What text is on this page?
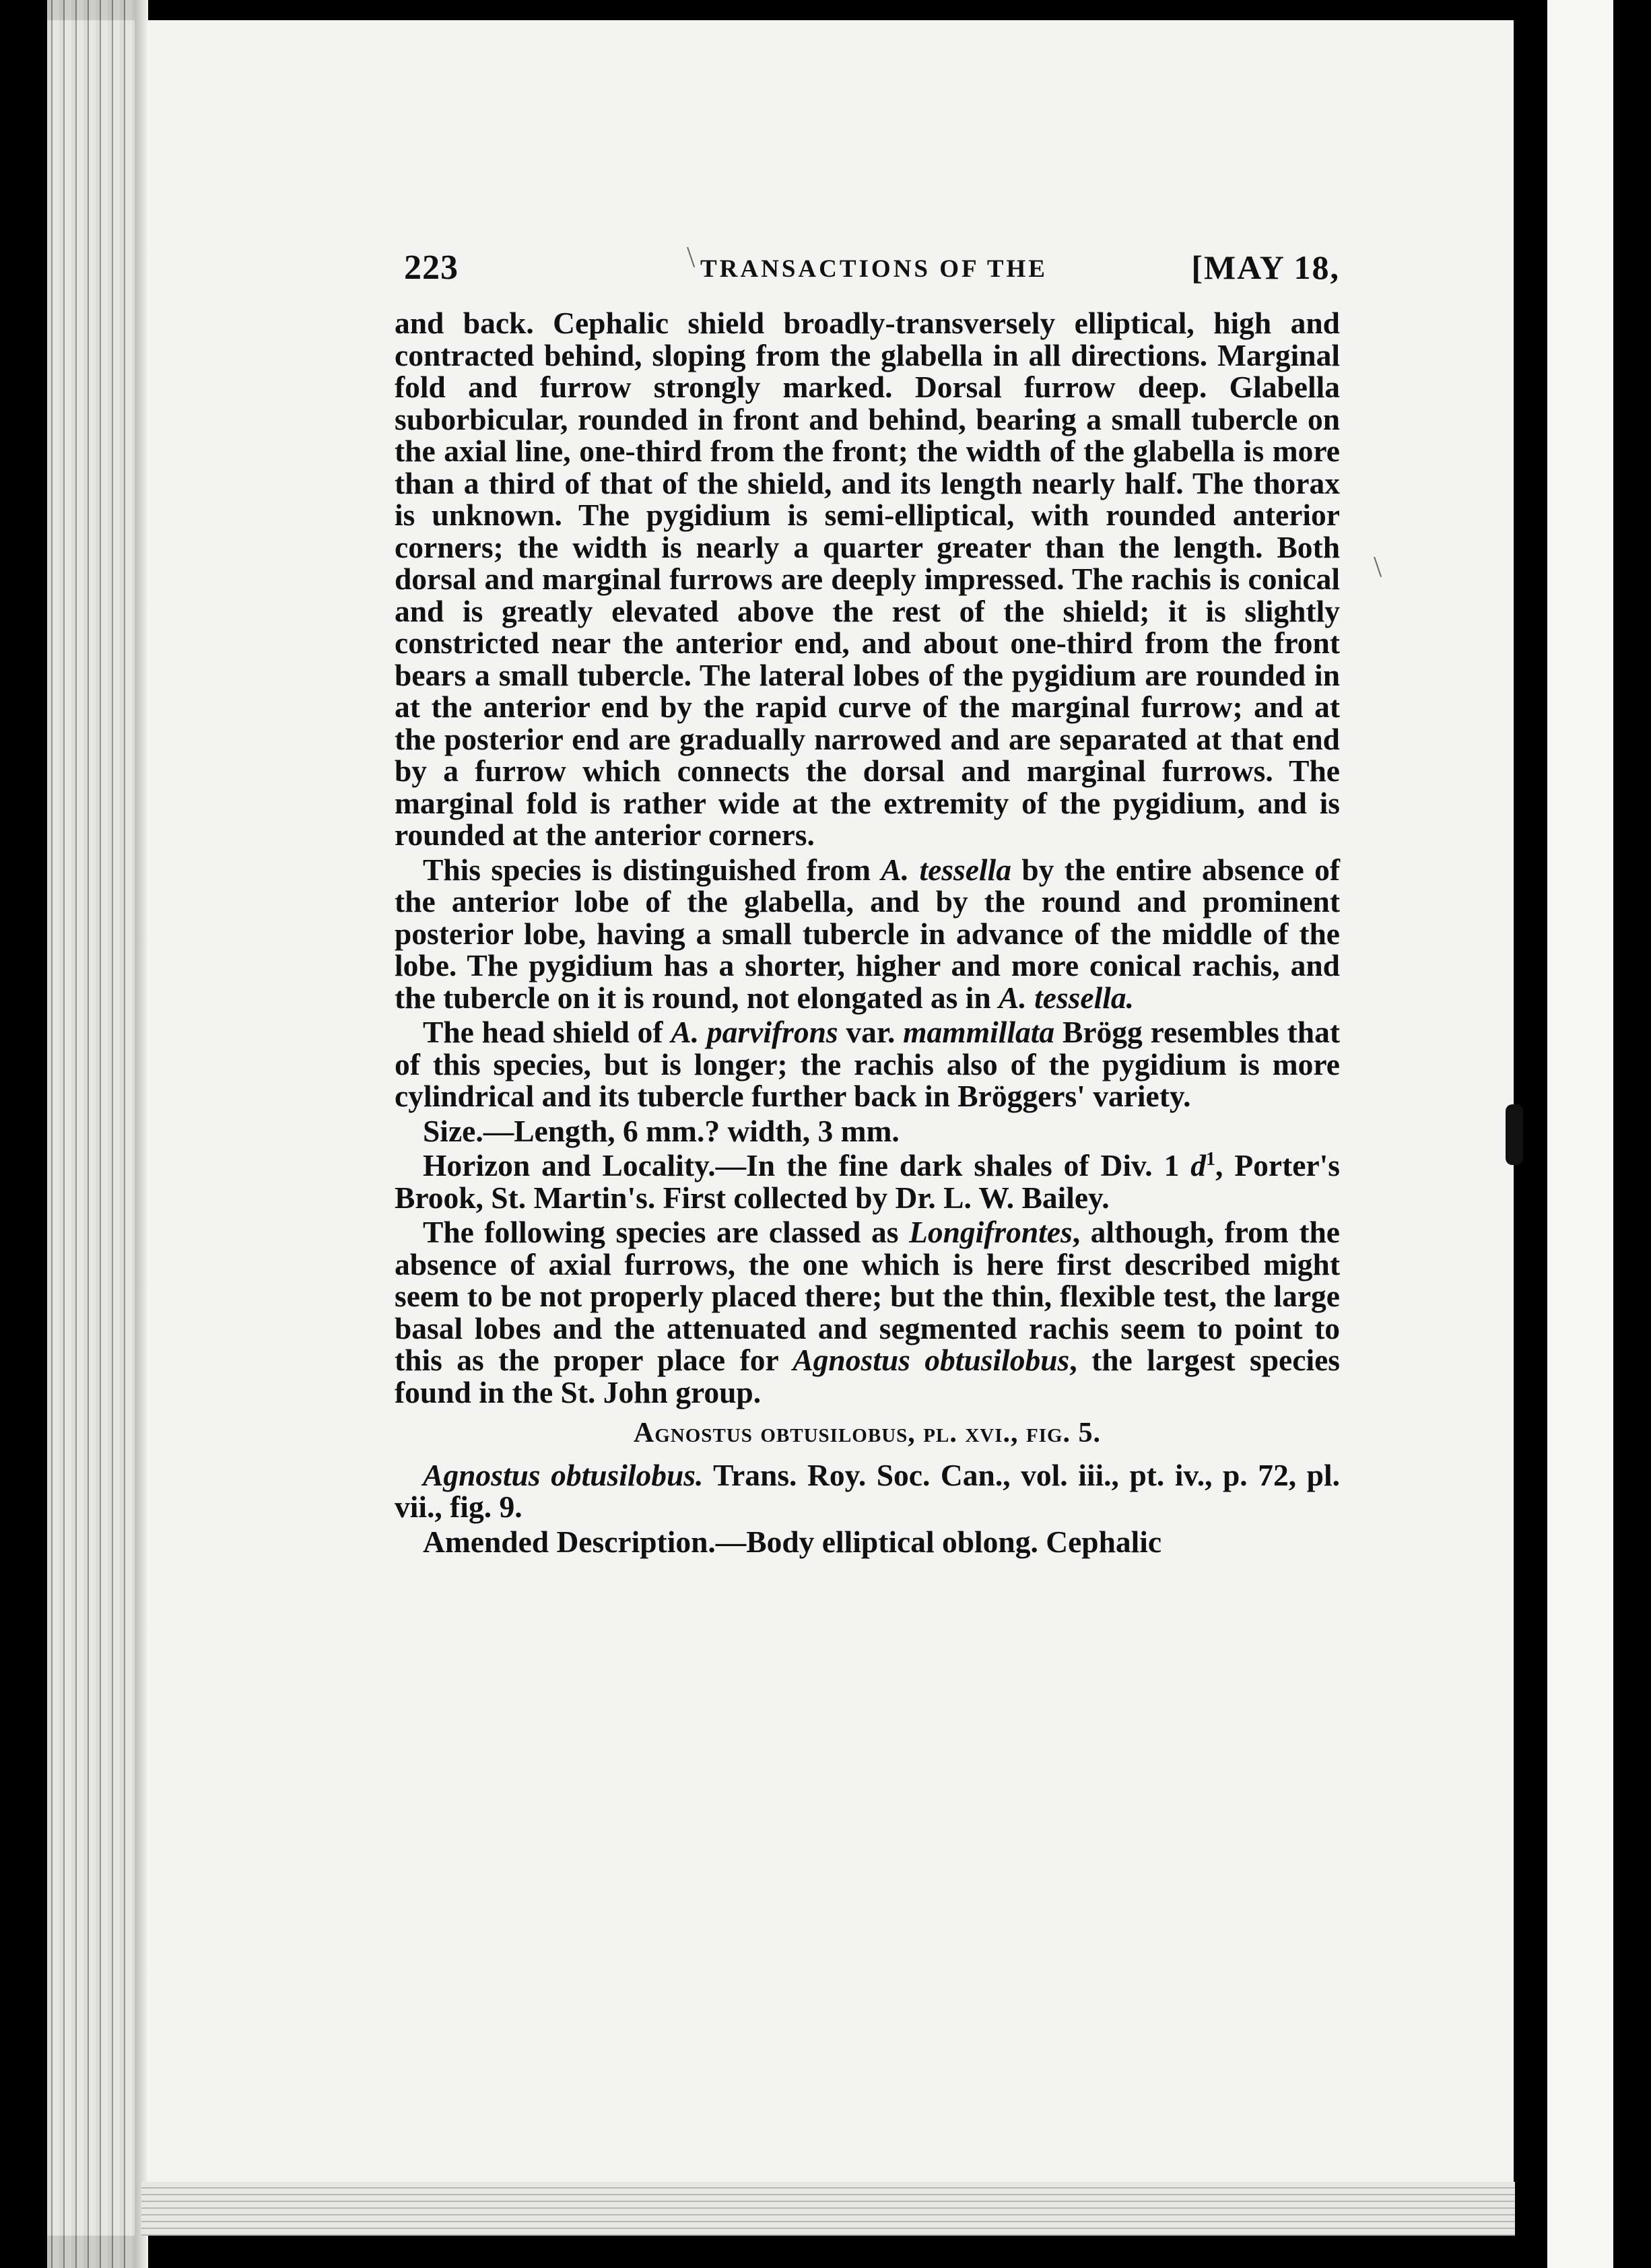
\
\
223	TRANSACTIONS OF THE	[MAY 18,

and back. Cephalic shield broadly-transversely elliptical, high and contracted behind, sloping from the glabella in all directions. Marginal fold and furrow strongly marked. Dorsal furrow deep. Glabella suborbicular, rounded in front and behind, bearing a small tubercle on the axial line, one-third from the front; the width of the glabella is more than a third of that of the shield, and its length nearly half. The thorax is unknown. The pygidium is semi-elliptical, with rounded anterior corners; the width is nearly a quarter greater than the length. Both dorsal and marginal furrows are deeply impressed. The rachis is conical and is greatly elevated above the rest of the shield; it is slightly constricted near the anterior end, and about one-third from the front bears a small tubercle. The lateral lobes of the pygidium are rounded in at the anterior end by the rapid curve of the marginal furrow; and at the posterior end are gradually narrowed and are separated at that end by a furrow which connects the dorsal and marginal furrows. The marginal fold is rather wide at the extremity of the pygidium, and is rounded at the anterior corners.

This species is distinguished from A. tessella by the entire absence of the anterior lobe of the glabella, and by the round and prominent posterior lobe, having a small tubercle in advance of the middle of the lobe. The pygidium has a shorter, higher and more conical rachis, and the tubercle on it is round, not elongated as in A. tessella.

The head shield of A. parvifrons var. mammillata Brögg resembles that of this species, but is longer; the rachis also of the pygidium is more cylindrical and its tubercle further back in Bröggers' variety.

Size.—Length, 6 mm.? width, 3 mm.

Horizon and Locality.—In the fine dark shales of Div. 1 $d^1$, Porter's Brook, St. Martin's. First collected by Dr. L. W. Bailey.

The following species are classed as Longifrontes, although, from the absence of axial furrows, the one which is here first described might seem to be not properly placed there; but the thin, flexible test, the large basal lobes and the attenuated and segmented rachis seem to point to this as the proper place for Agnostus obtusilobus, the largest species found in the St. John group.

Agnostus obtusilobus, pl. xvi., fig. 5.

Agnostus obtusilobus. Trans. Roy. Soc. Can., vol. iii., pt. iv., p. 72, pl. vii., fig. 9.

Amended Description.—Body elliptical oblong. Cephalic
